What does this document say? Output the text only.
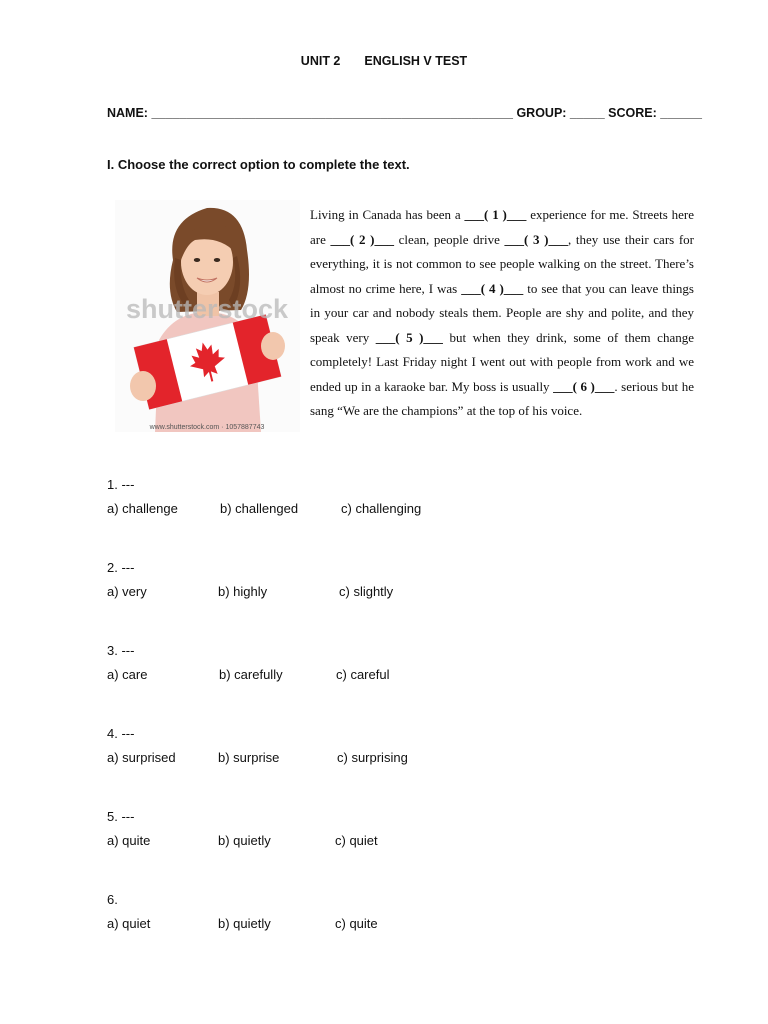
UNIT 2 ENGLISH V TEST
NAME: ____________________________________________________ GROUP: _____ SCORE: ______
I. Choose the correct option to complete the text.
shutterstock
www.shutterstock.com · 1057887743
Living in Canada has been a ___( 1 )___ experience for me. Streets here are ___( 2 )___ clean, people drive ___( 3 )___, they use their cars for everything, it is not common to see people walking on the street. There’s almost no crime here, I was ___( 4 )___ to see that you can leave things in your car and nobody steals them. People are shy and polite, and they speak very ___( 5 )___ but when they drink, some of them change completely! Last Friday night I went out with people from work and we ended up in a karaoke bar. My boss is usually ___( 6 )___. serious but he sang “We are the champions” at the top of his voice.
1. ---
a) challenge	b) challenged	c) challenging
2. ---
a) very	b) highly	c) slightly
3. ---
a) care	b) carefully	c) careful
4. ---
a) surprised	b) surprise	c) surprising
5. ---
a) quite	b) quietly	c) quiet
6.
a) quiet	b) quietly	c) quite
